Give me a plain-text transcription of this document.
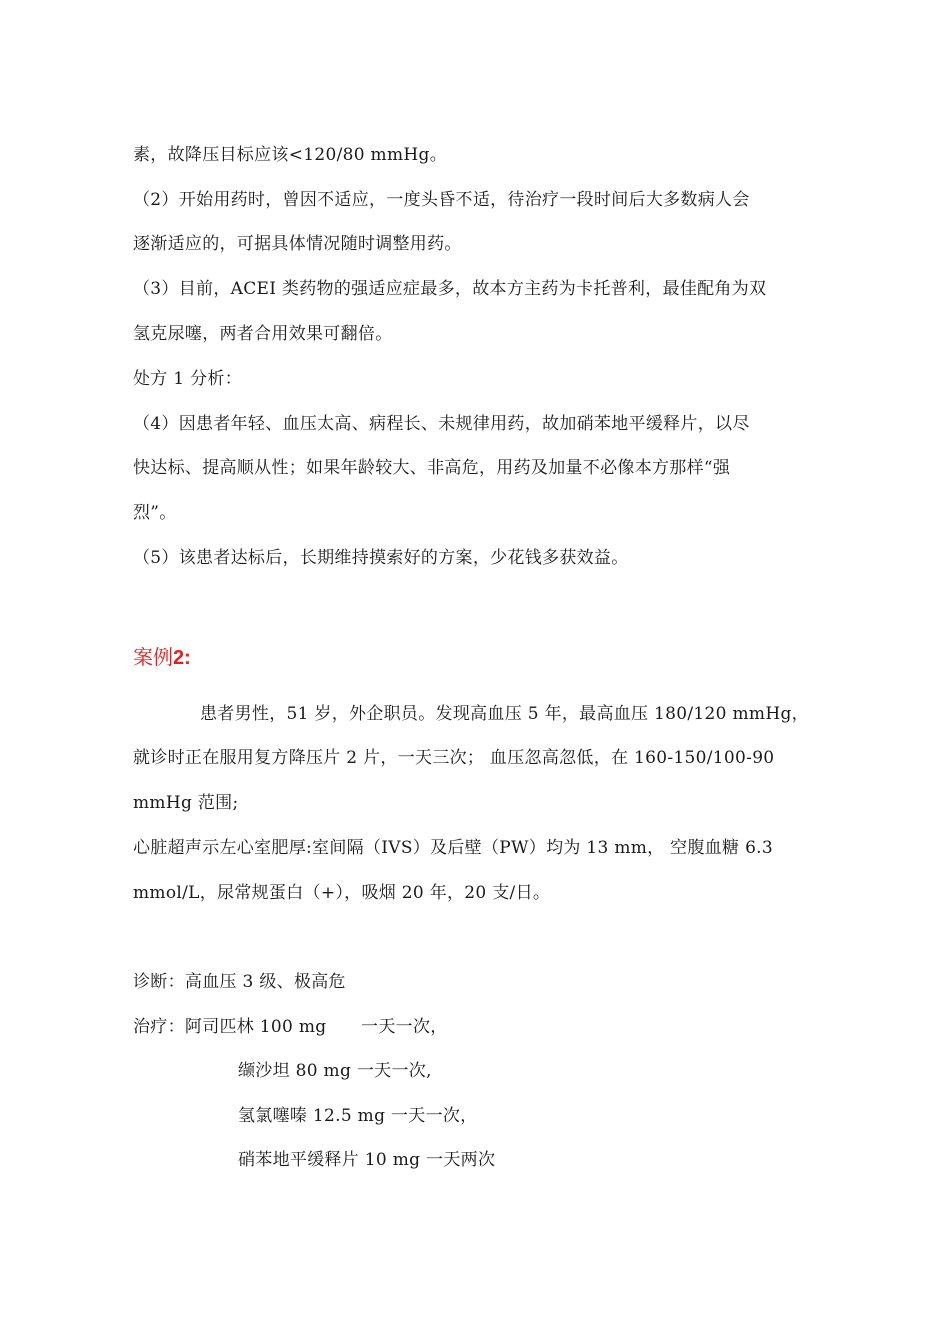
素，故降压目标应该<120/80 mmHg。
（2）开始用药时，曾因不适应，一度头昏不适，待治疗一段时间后大多数病人会
逐渐适应的，可据具体情况随时调整用药。
（3）目前，ACEI 类药物的强适应症最多，故本方主药为卡托普利，最佳配角为双
氢克尿噻，两者合用效果可翻倍。
处方 1 分析：
（4）因患者年轻、血压太高、病程长、未规律用药，故加硝苯地平缓释片，以尽
快达标、提高顺从性；如果年龄较大、非高危，用药及加量不必像本方那样“强
烈”。
（5）该患者达标后，长期维持摸索好的方案，少花钱多获效益。
案例2:
患者男性，51 岁，外企职员。发现高血压 5 年，最高血压 180/120 mmHg，
就诊时正在服用复方降压片 2 片，一天三次； 血压忽高忽低，在 160-150/100-90
mmHg 范围;
心脏超声示左心室肥厚:室间隔（IVS）及后壁（PW）均为 13 mm， 空腹血糖 6.3
mmol/L，尿常规蛋白（+），吸烟 20 年，20 支/日。
诊断：高血压 3 级、极高危
治疗：阿司匹林 100 mg　　一天一次，
缬沙坦 80 mg 一天一次,
氢氯噻嗪 12.5 mg 一天一次，
硝苯地平缓释片 10 mg 一天两次
